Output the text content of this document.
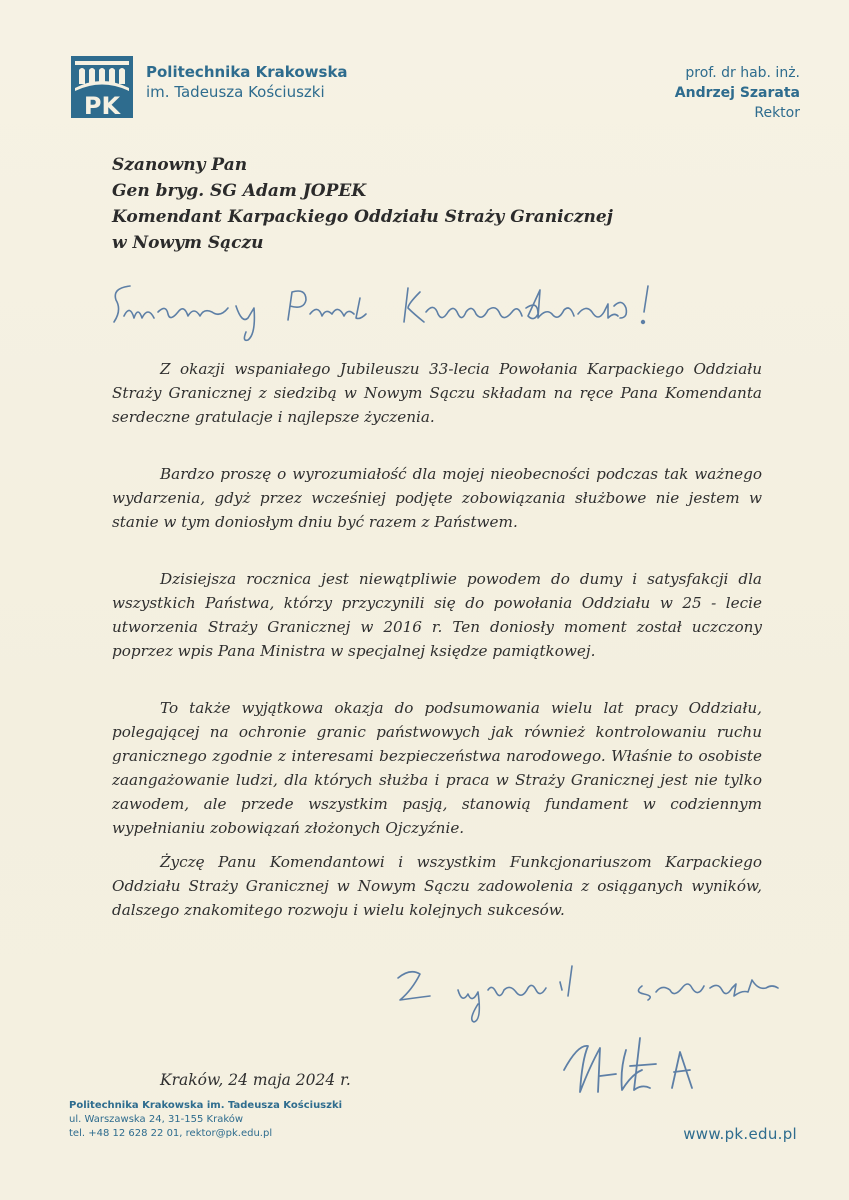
PK
Politechnika Krakowska
im. Tadeusza Kościuszki
prof. dr hab. inż.
Andrzej Szarata
Rektor
Szanowny Pan
Gen bryg. SG Adam JOPEK
Komendant Karpackiego Oddziału Straży Granicznej
w Nowym Sączu

Z okazji wspaniałego Jubileuszu 33-lecia Powołania Karpackiego Oddziału Straży Granicznej z siedzibą w Nowym Sączu składam na ręce Pana Komendanta serdeczne gratulacje i najlepsze życzenia.

Bardzo proszę o wyrozumiałość dla mojej nieobecności podczas tak ważnego wydarzenia, gdyż przez wcześniej podjęte zobowiązania służbowe nie jestem w stanie w tym doniosłym dniu być razem z Państwem.

Dzisiejsza rocznica jest niewątpliwie powodem do dumy i satysfakcji dla wszystkich Państwa, którzy przyczynili się do powołania Oddziału w 25 - lecie utworzenia Straży Granicznej w 2016 r. Ten doniosły moment został uczczony poprzez wpis Pana Ministra w specjalnej księdze pamiątkowej.

To także wyjątkowa okazja do podsumowania wielu lat pracy Oddziału, polegającej na ochronie granic państwowych jak również kontrolowaniu ruchu granicznego zgodnie z interesami bezpieczeństwa narodowego. Właśnie to osobiste zaangażowanie ludzi, dla których służba i praca w Straży Granicznej jest nie tylko zawodem, ale przede wszystkim pasją, stanowią fundament w codziennym wypełnianiu zobowiązań złożonych Ojczyźnie.

Życzę Panu Komendantowi i wszystkim Funkcjonariuszom Karpackiego Oddziału Straży Granicznej w Nowym Sączu zadowolenia z osiąganych wyników, dalszego znakomitego rozwoju i wielu kolejnych sukcesów.

Kraków, 24 maja 2024 r.
Politechnika Krakowska im. Tadeusza Kościuszki
ul. Warszawska 24, 31-155 Kraków
tel. +48 12 628 22 01, rektor@pk.edu.pl	www.pk.edu.pl
